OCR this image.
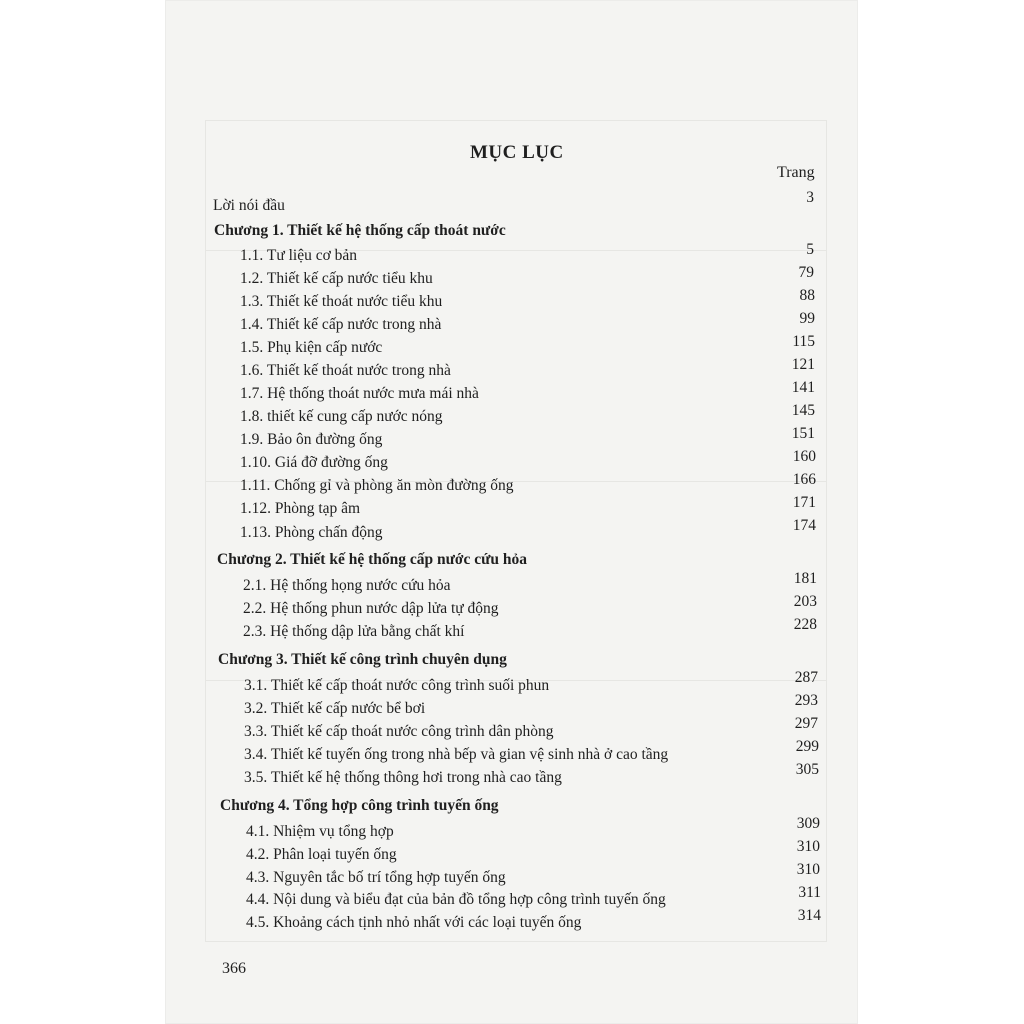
MỤC LỤC
Trang
Lời nói đầu	3
Chương 1. Thiết kế hệ thống cấp thoát nước
1.1. Tư liệu cơ bản	5
1.2. Thiết kế cấp nước tiểu khu	79
1.3. Thiết kế thoát nước tiểu khu	88
1.4. Thiết kế cấp nước trong nhà	99
1.5. Phụ kiện cấp nước	115
1.6. Thiết kế thoát nước trong nhà	121
1.7. Hệ thống thoát nước mưa mái nhà	141
1.8. thiết kế cung cấp nước nóng	145
1.9. Bảo ôn đường ống	151
1.10. Giá đỡ đường ống	160
1.11. Chống gỉ và phòng ăn mòn đường ống	166
1.12. Phòng tạp âm	171
1.13. Phòng chấn động	174
Chương 2. Thiết kế hệ thống cấp nước cứu hỏa
2.1. Hệ thống họng nước cứu hỏa	181
2.2. Hệ thống phun nước dập lửa tự động	203
2.3. Hệ thống dập lửa bằng chất khí	228
Chương 3. Thiết kế công trình chuyên dụng
3.1. Thiết kế cấp thoát nước công trình suối phun	287
3.2. Thiết kế cấp nước bể bơi	293
3.3. Thiết kế cấp thoát nước công trình dân phòng	297
3.4. Thiết kế tuyến ống trong nhà bếp và gian vệ sinh nhà ở cao tầng	299
3.5. Thiết kế hệ thống thông hơi trong nhà cao tầng	305
Chương 4. Tổng hợp công trình tuyến ống
4.1. Nhiệm vụ tổng hợp	309
4.2. Phân loại tuyến ống	310
4.3. Nguyên tắc bố trí tổng hợp tuyến ống	310
4.4. Nội dung và biểu đạt của bản đồ tổng hợp công trình tuyến ống	311
4.5. Khoảng cách tịnh nhỏ nhất với các loại tuyến ống	314
366
